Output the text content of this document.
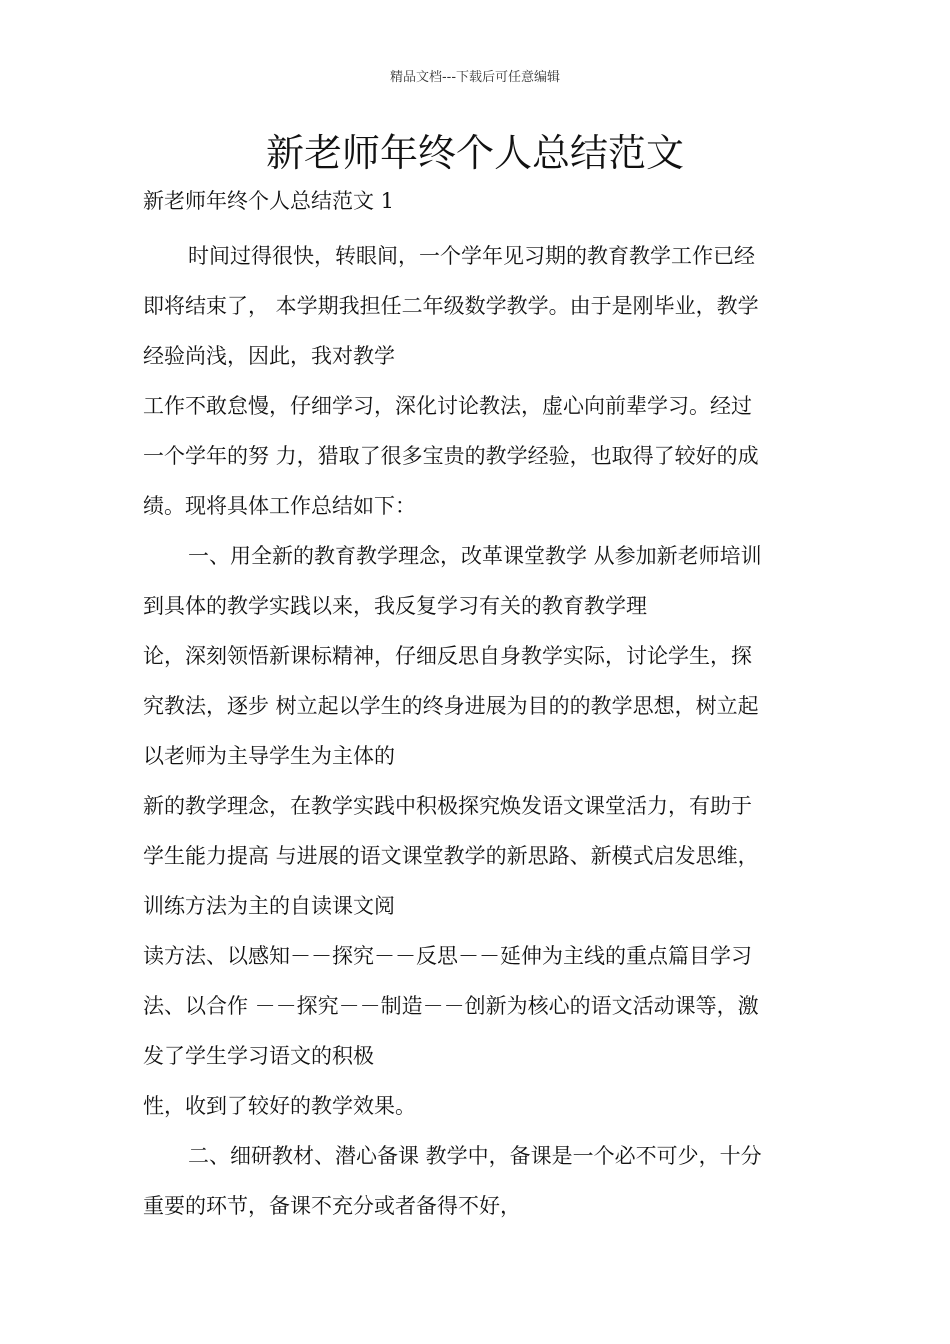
精品文档---下载后可任意编辑
新老师年终个人总结范文
新老师年终个人总结范文 1
时间过得很快，转眼间，一个学年见习期的教育教学工作已经
即将结束了， 本学期我担任二年级数学教学。由于是刚毕业，教学
经验尚浅，因此，我对教学
工作不敢怠慢，仔细学习，深化讨论教法，虚心向前辈学习。经过
一个学年的努 力，猎取了很多宝贵的教学经验，也取得了较好的成
绩。现将具体工作总结如下：
一、用全新的教育教学理念，改革课堂教学 从参加新老师培训
到具体的教学实践以来，我反复学习有关的教育教学理
论，深刻领悟新课标精神，仔细反思自身教学实际，讨论学生，探
究教法，逐步 树立起以学生的终身进展为目的的教学思想，树立起
以老师为主导学生为主体的
新的教学理念，在教学实践中积极探究焕发语文课堂活力，有助于
学生能力提高 与进展的语文课堂教学的新思路、新模式启发思维，
训练方法为主的自读课文阅
读方法、以感知－－探究－－反思－－延伸为主线的重点篇目学习
法、以合作 －－探究－－制造－－创新为核心的语文活动课等，激
发了学生学习语文的积极
性，收到了较好的教学效果。
二、细研教材、潜心备课 教学中，备课是一个必不可少，十分
重要的环节，备课不充分或者备得不好，
